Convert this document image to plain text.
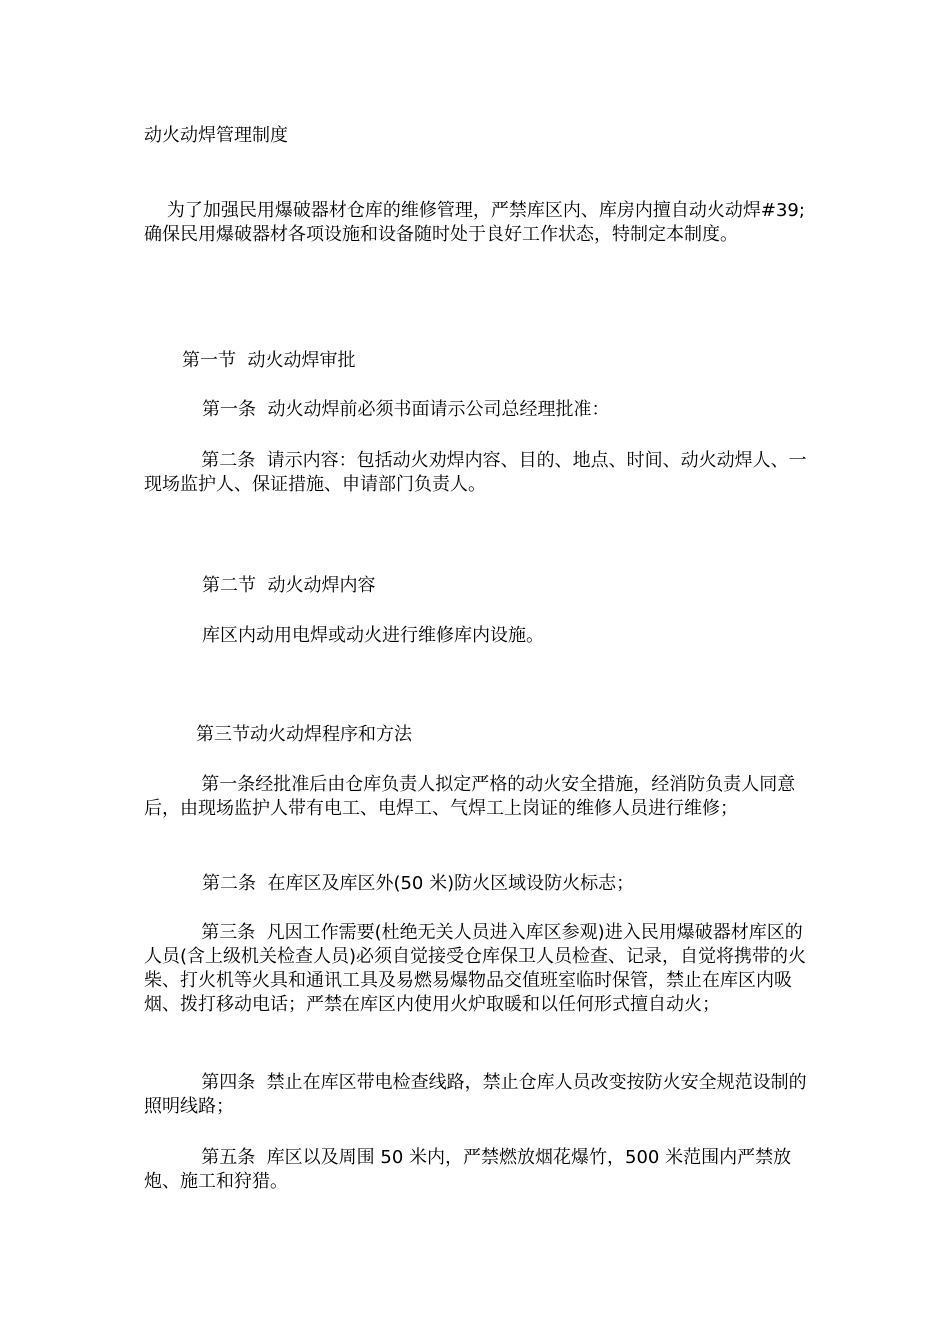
动火动焊管理制度

为了加强民用爆破器材仓库的维修管理，严禁库区内、库房内擅自动火动焊#39;确保民用爆破器材各项设施和设备随时处于良好工作状态，特制定本制度。

第一节  动火动焊审批

第一条  动火动焊前必须书面请示公司总经理批准：

第二条  请示内容：包括动火劝焊内容、目的、地点、时间、动火动焊人、一现场监护人、保证措施、申请部门负责人。

第二节  动火动焊内容

库区内动用电焊或动火进行维修库内设施。

第三节动火动焊程序和方法

第一条经批准后由仓库负责人拟定严格的动火安全措施，经消防负责人同意后，由现场监护人带有电工、电焊工、气焊工上岗证的维修人员进行维修；

第二条  在库区及库区外(50 米)防火区域设防火标志；

第三条  凡因工作需要(杜绝无关人员进入库区参观)进入民用爆破器材库区的人员(含上级机关检查人员)必须自觉接受仓库保卫人员检查、记录，自觉将携带的火柴、打火机等火具和通讯工具及易燃易爆物品交值班室临时保管，禁止在库区内吸烟、拨打移动电话；严禁在库区内使用火炉取暖和以任何形式擅自动火；

第四条  禁止在库区带电检查线路，禁止仓库人员改变按防火安全规范设制的照明线路；

第五条  库区以及周围 50 米内，严禁燃放烟花爆竹，500 米范围内严禁放炮、施工和狩猎。
